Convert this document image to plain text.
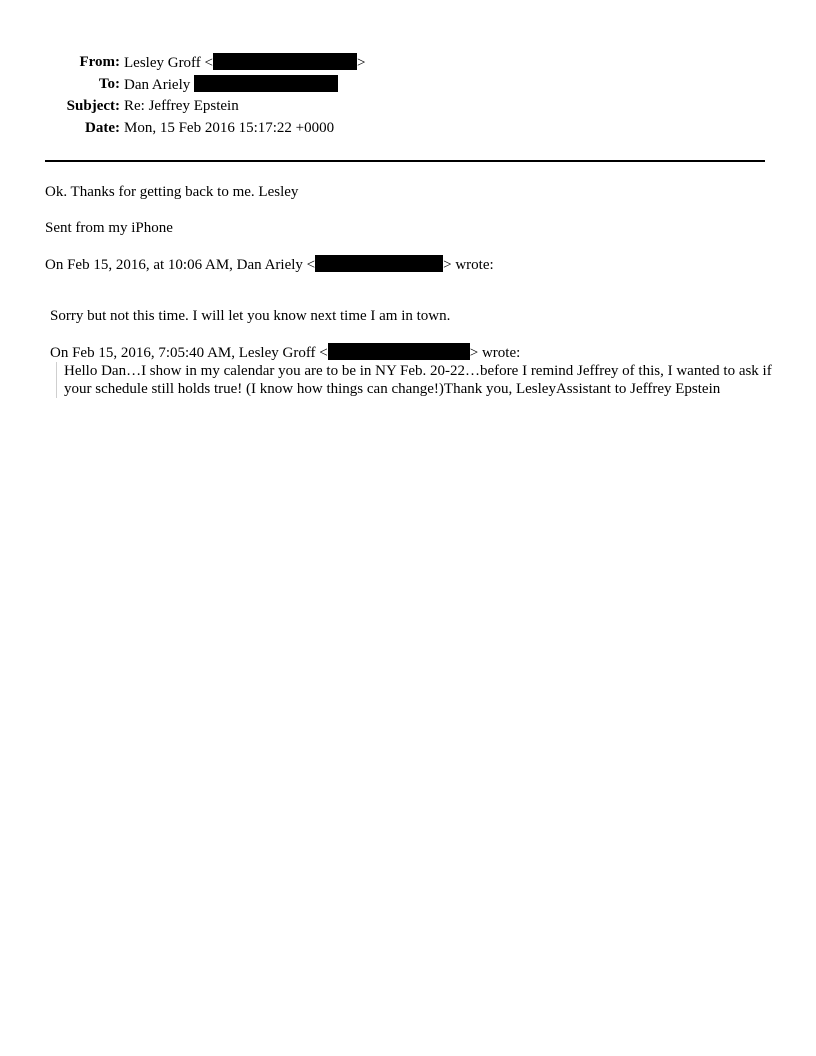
From: Lesley Groff <	>
To: Dan Ariely
Subject: Re: Jeffrey Epstein
Date: Mon, 15 Feb 2016 15:17:22 +0000
Ok. Thanks for getting back to me. Lesley
Sent from my iPhone
On Feb 15, 2016, at 10:06 AM, Dan Ariely <	> wrote:
Sorry but not this time. I will let you know next time I am in town.
On Feb 15, 2016, 7:05:40 AM, Lesley Groff <	> wrote:
Hello Dan…I show in my calendar you are to be in NY Feb. 20-22…before I remind Jeffrey of this, I wanted to ask if your schedule still holds true! (I know how things can change!)Thank you, LesleyAssistant to Jeffrey Epstein
